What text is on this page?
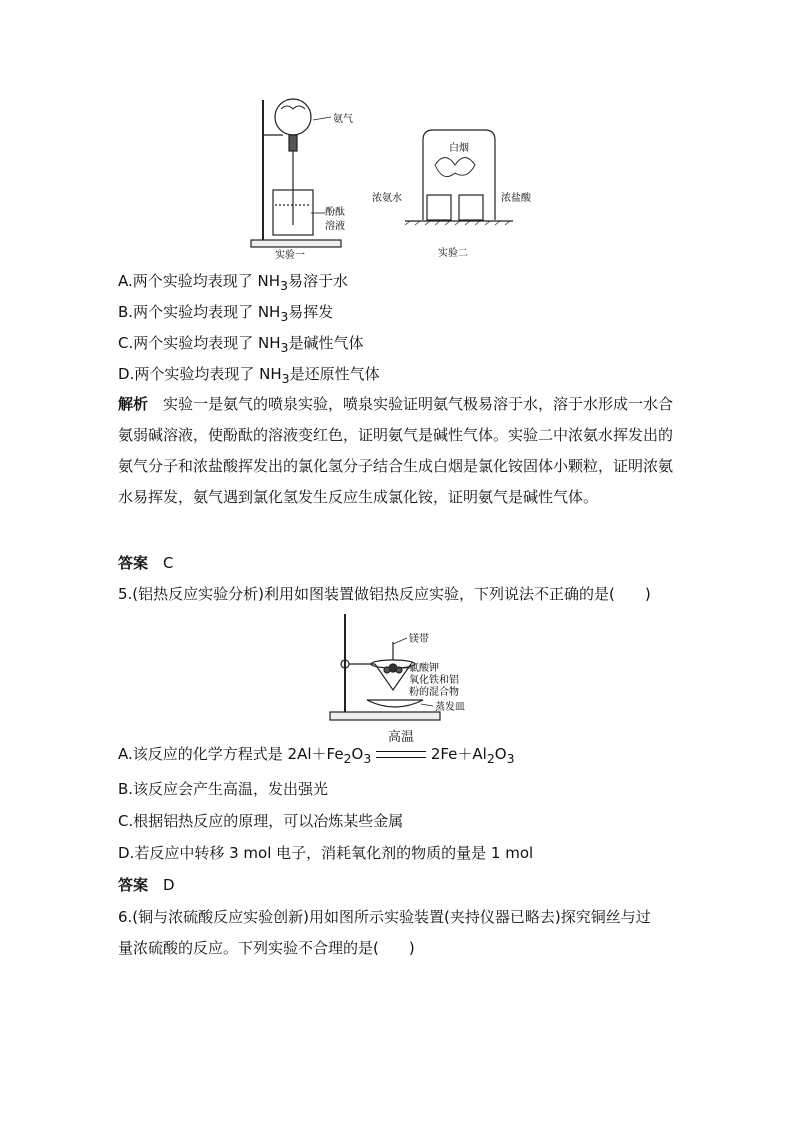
氨气
酚酞
溶液
实验一
白烟
浓氨水	浓盐酸
实验二
A.两个实验均表现了 $NH_3$易溶于水
B.两个实验均表现了 $NH_3$易挥发
C.两个实验均表现了 $NH_3$是碱性气体
D.两个实验均表现了 $NH_3$是还原性气体
解析　 实验一是氨气的喷泉实验，喷泉实验证明氨气极易溶于水，溶于水形成一水合氨弱碱溶液，使酚酞的溶液变红色，证明氨气是碱性气体。实验二中浓氨水挥发出的氨气分子和浓盐酸挥发出的氯化氢分子结合生成白烟是氯化铵固体小颗粒，证明浓氨水易挥发，氨气遇到氯化氢发生反应生成氯化铵，证明氨气是碱性气体。
答案　 C
5.(铝热反应实验分析)利用如图装置做铝热反应实验，下列说法不正确的是(　　)
镁带
氯酸钾
氧化铁和铝
粉的混合物
蒸发皿
A.该反应的化学方程式是 $2Al+Fe_2O_3$
高温
$2Fe+Al_2O_3$
B.该反应会产生高温，发出强光
C.根据铝热反应的原理，可以冶炼某些金属
D.若反应中转移 3 mol 电子，消耗氧化剂的物质的量是 1 mol
答案　 D
6.(铜与浓硫酸反应实验创新)用如图所示实验装置(夹持仪器已略去)探究铜丝与过
量浓硫酸的反应。下列实验不合理的是(　　)
